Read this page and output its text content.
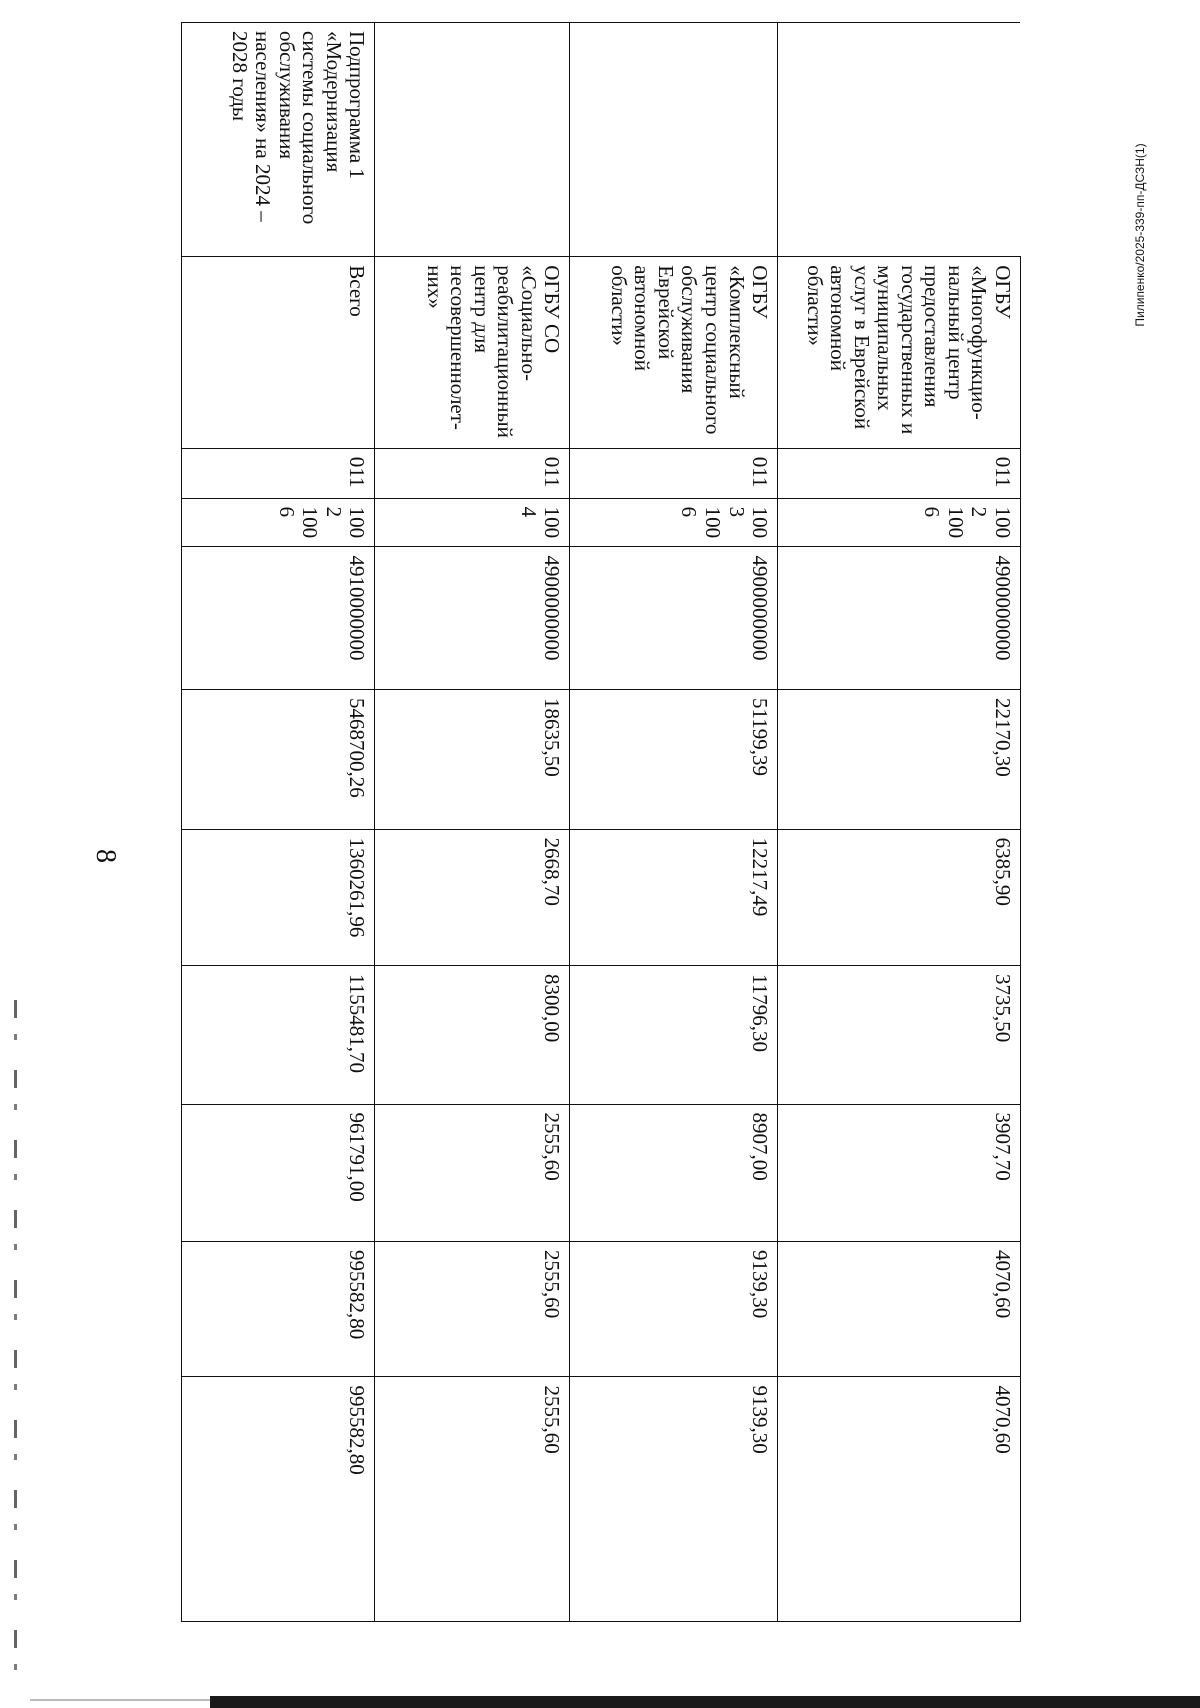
8
Пилипенко/2025-339-пп-ДСЗН(1)
	ОГБУ «Многофункцио-нальный центр предоставления государственных и муниципальных услуг в Еврейской автономной области»	011	1002 1006	4900000000	22170,30	6385,90	3735,50	3907,70	4070,60	4070,60
	ОГБУ «Комплексный центр социального обслуживания Еврейской автономной области»	011	1003 1006	4900000000	51199,39	12217,49	11796,30	8907,00	9139,30	9139,30
	ОГБУ СО «Социально-реабилитационный центр для несовершеннолет-них»	011	1004	4900000000	18635,50	2668,70	8300,00	2555,60	2555,60	2555,60
Подпрограмма 1 «Модернизация системы социального обслуживания населения» на 2024 – 2028 годы	Всего	011	1002 1006	4910000000	5468700,26	1360261,96	1155481,70	961791,00	995582,80	995582,80
